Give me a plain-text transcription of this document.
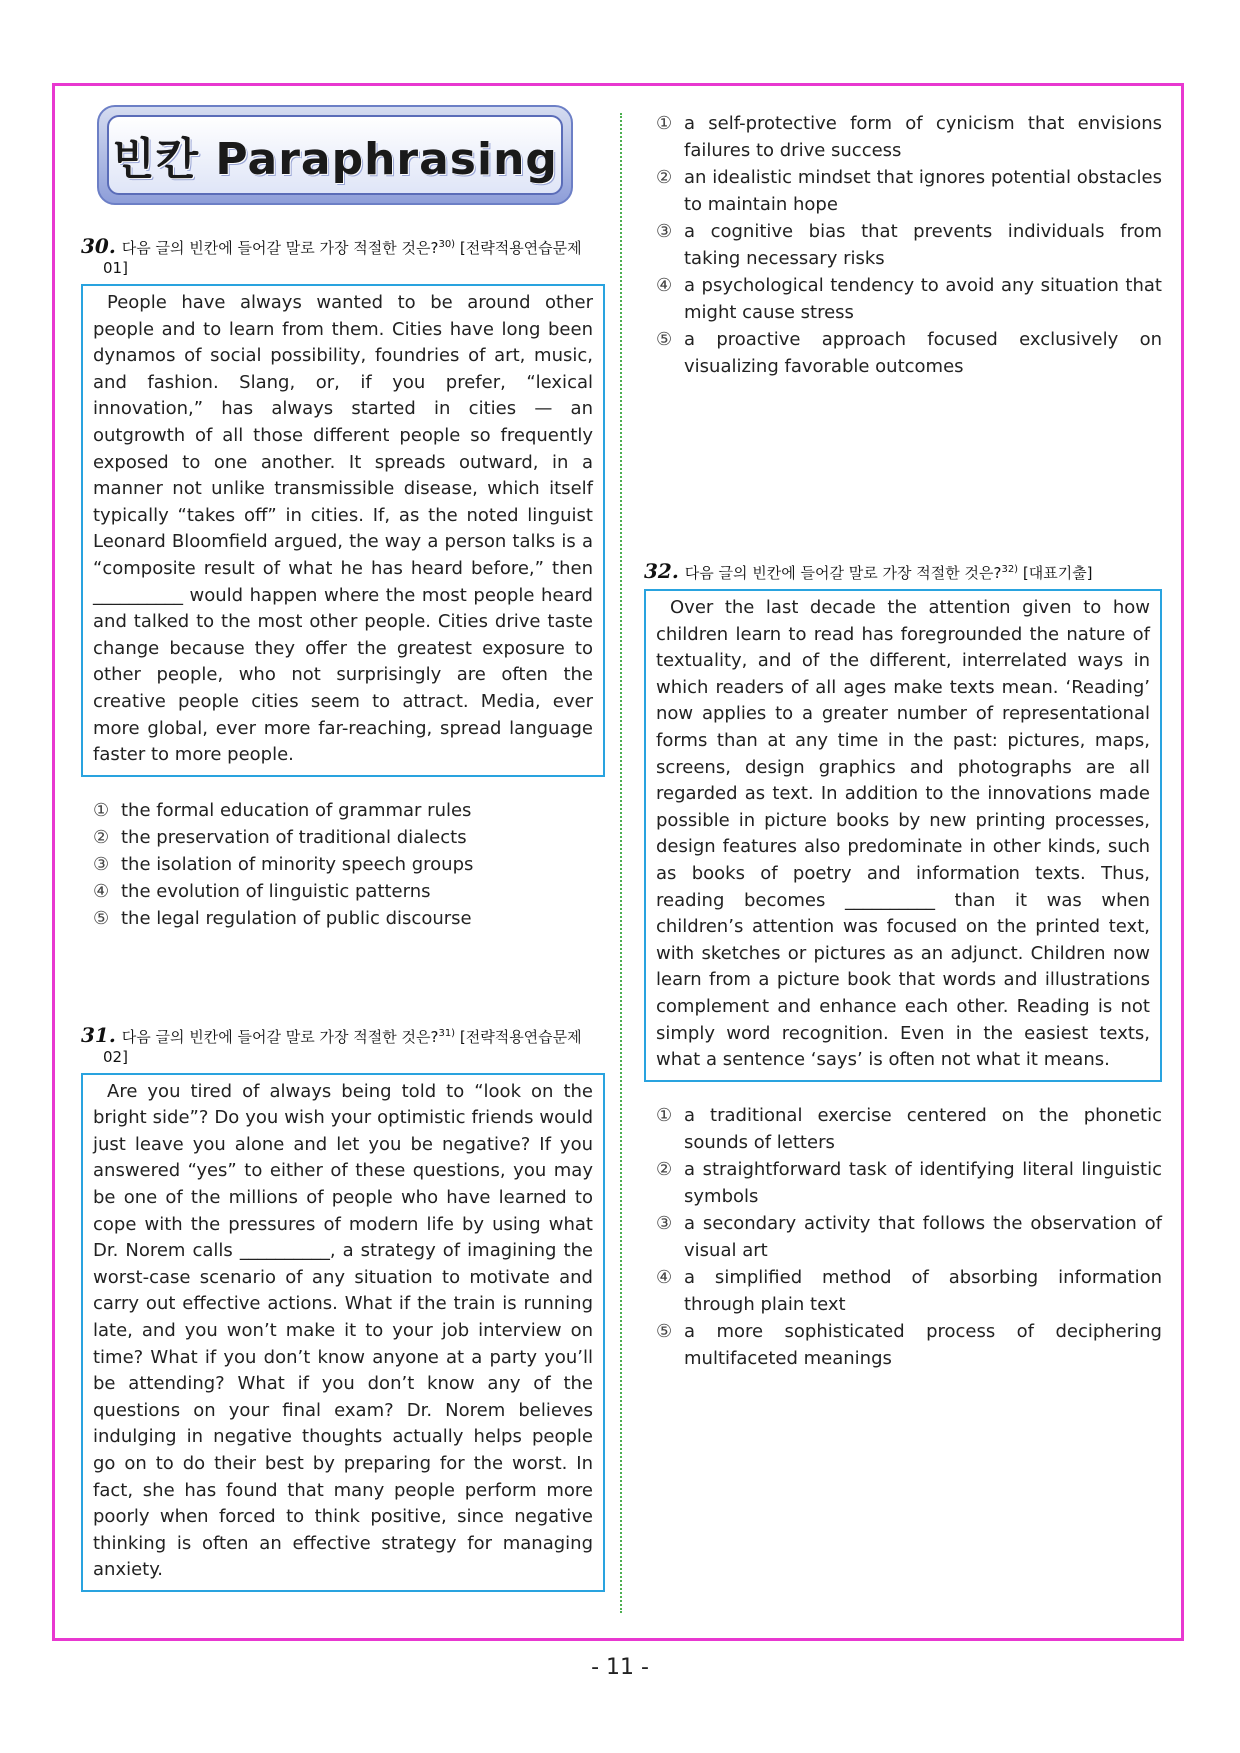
빈칸 Paraphrasing
30. 다음 글의 빈칸에 들어갈 말로 가장 적절한 것은?$^{30)}$ [전략적용연습문제01]

People have always wanted to be around other people and to learn from them. Cities have long been dynamos of social possibility, foundries of art, music, and fashion. Slang, or, if you prefer, “lexical innovation,” has always started in cities — an outgrowth of all those different people so frequently exposed to one another. It spreads outward, in a manner not unlike transmissible disease, which itself typically “takes off” in cities. If, as the noted linguist Leonard Bloomfield argued, the way a person talks is a “composite result of what he has heard before,” then __________ would happen where the most people heard and talked to the most other people. Cities drive taste change because they offer the greatest exposure to other people, who not surprisingly are often the creative people cities seem to attract. Media, ever more global, ever more far-reaching, spread language faster to more people.

① the formal education of grammar rules
② the preservation of traditional dialects
③ the isolation of minority speech groups
④ the evolution of linguistic patterns
⑤ the legal regulation of public discourse
31. 다음 글의 빈칸에 들어갈 말로 가장 적절한 것은?$^{31)}$ [전략적용연습문제02]

Are you tired of always being told to “look on the bright side”? Do you wish your optimistic friends would just leave you alone and let you be negative? If you answered “yes” to either of these questions, you may be one of the millions of people who have learned to cope with the pressures of modern life by using what Dr. Norem calls __________, a strategy of imagining the worst-case scenario of any situation to motivate and carry out effective actions. What if the train is running late, and you won’t make it to your job interview on time? What if you don’t know anyone at a party you’ll be attending? What if you don’t know any of the questions on your final exam? Dr. Norem believes indulging in negative thoughts actually helps people go on to do their best by preparing for the worst. In fact, she has found that many people perform more poorly when forced to think positive, since negative thinking is often an effective strategy for managing anxiety.

① a self-protective form of cynicism that envisions failures to drive success
② an idealistic mindset that ignores potential obstacles to maintain hope
③ a cognitive bias that prevents individuals from taking necessary risks
④ a psychological tendency to avoid any situation that might cause stress
⑤ a proactive approach focused exclusively on visualizing favorable outcomes
32. 다음 글의 빈칸에 들어갈 말로 가장 적절한 것은?$^{32)}$ [대표기출]

Over the last decade the attention given to how children learn to read has foregrounded the nature of textuality, and of the different, interrelated ways in which readers of all ages make texts mean. ‘Reading’ now applies to a greater number of representational forms than at any time in the past: pictures, maps, screens, design graphics and photographs are all regarded as text. In addition to the innovations made possible in picture books by new printing processes, design features also predominate in other kinds, such as books of poetry and information texts. Thus, reading becomes __________ than it was when children’s attention was focused on the printed text, with sketches or pictures as an adjunct. Children now learn from a picture book that words and illustrations complement and enhance each other. Reading is not simply word recognition. Even in the easiest texts, what a sentence ‘says’ is often not what it means.

① a traditional exercise centered on the phonetic sounds of letters
② a straightforward task of identifying literal linguistic symbols
③ a secondary activity that follows the observation of visual art
④ a simplified method of absorbing information through plain text
⑤ a more sophisticated process of deciphering multifaceted meanings
- 11 -
